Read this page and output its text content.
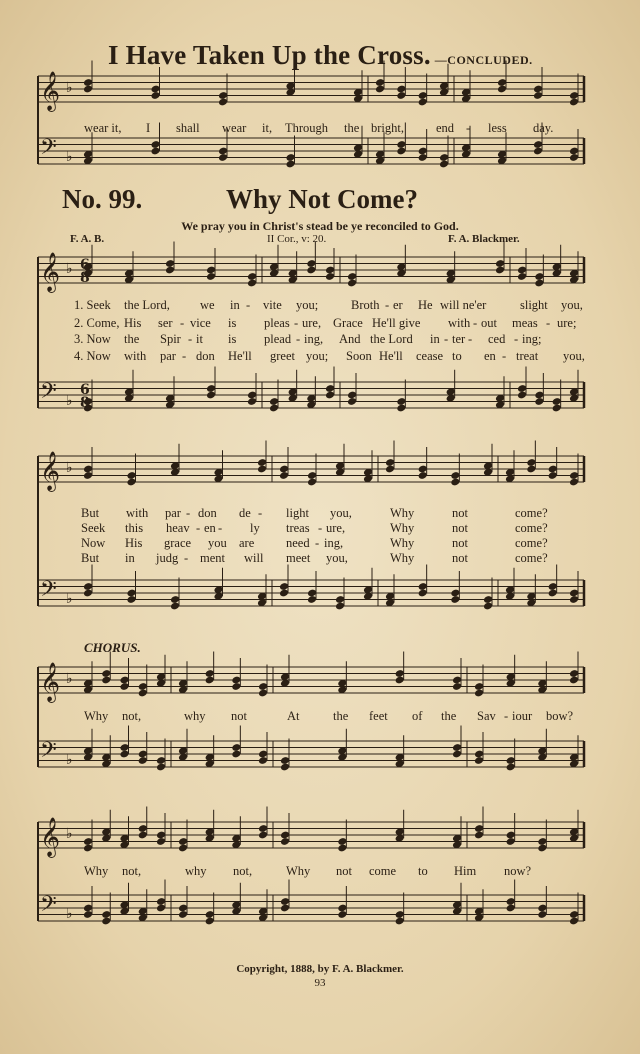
I Have Taken Up the Cross. —CONCLUDED.
𝄞 ♭
𝄢 ♭
𝄞 ♭
𝄢 ♭
𝄞 ♭
𝄢 ♭
𝄞 ♭
𝄢 ♭
𝄞 ♭
𝄢 ♭
6
8
6
8
wear it, I shall wear it, Through the bright,	end - less day.
No. 99.	Why Not Come?
We pray you in Christ's stead be ye reconciled to God.
F. A. B.	II Cor., v: 20.	F. A. Blackmer.
1. Seek the Lord, we in - vite you;	Broth - er He will ne'er	slight you,
2. Come, His ser - vice is pleas - ure, Grace He'll give with - out meas - ure;
3. Now the Spir - it is plead - ing, And the Lord in - ter - ced - ing;
4. Now with par - don He'll greet you; Soon He'll cease to en - treat you,
But with par - don de - light you,	Why	not	come?
Seek this heav - en - ly treas - ure,	Why	not	come?
Now His grace you are	need - ing,	Why	not	come?
But in judg - ment will meet you,	Why	not	come?
CHORUS.
Why not,	why not	At	the feet of the Sav - iour bow?
Why not,	why not,	Why not come to Him now?
Copyright, 1888, by F. A. Blackmer.
93
